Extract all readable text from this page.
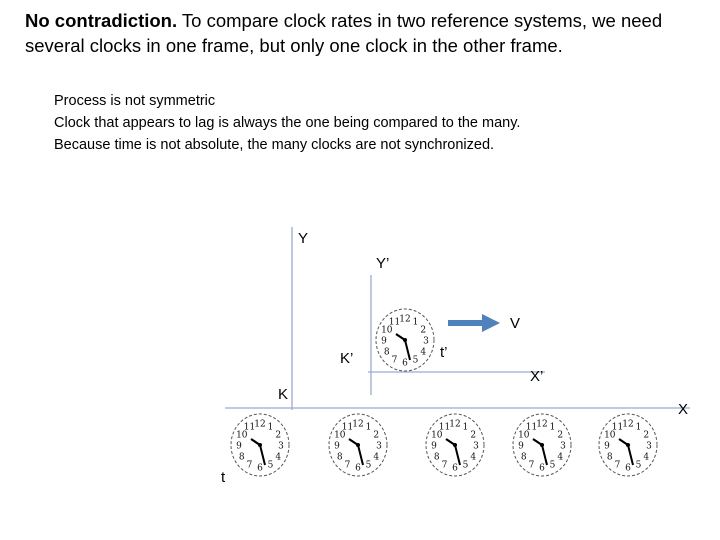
No contradiction. To compare clock rates in two reference systems, we need several clocks in one frame, but only one clock in the other frame.

Process is not symmetric
Clock that appears to lag is always the one being compared to the many.
Because time is not absolute, the many clocks are not synchronized.
Y
Y’
V
K’	t’
X’
K
X
t
12 1
2
3
4
5
6
7
8
9
10
11
12 1
2
3
4
5
6
7
8
9
10
11	12 1
2
3
4
5
6
7
8
9
10
11	12 1
2
3
4
5
6
7
8
9
10
11	12 1
2
3
4
5
6
7
8
9
10
11	12 1
2
3
4
5
6
7
8
9
10
11
